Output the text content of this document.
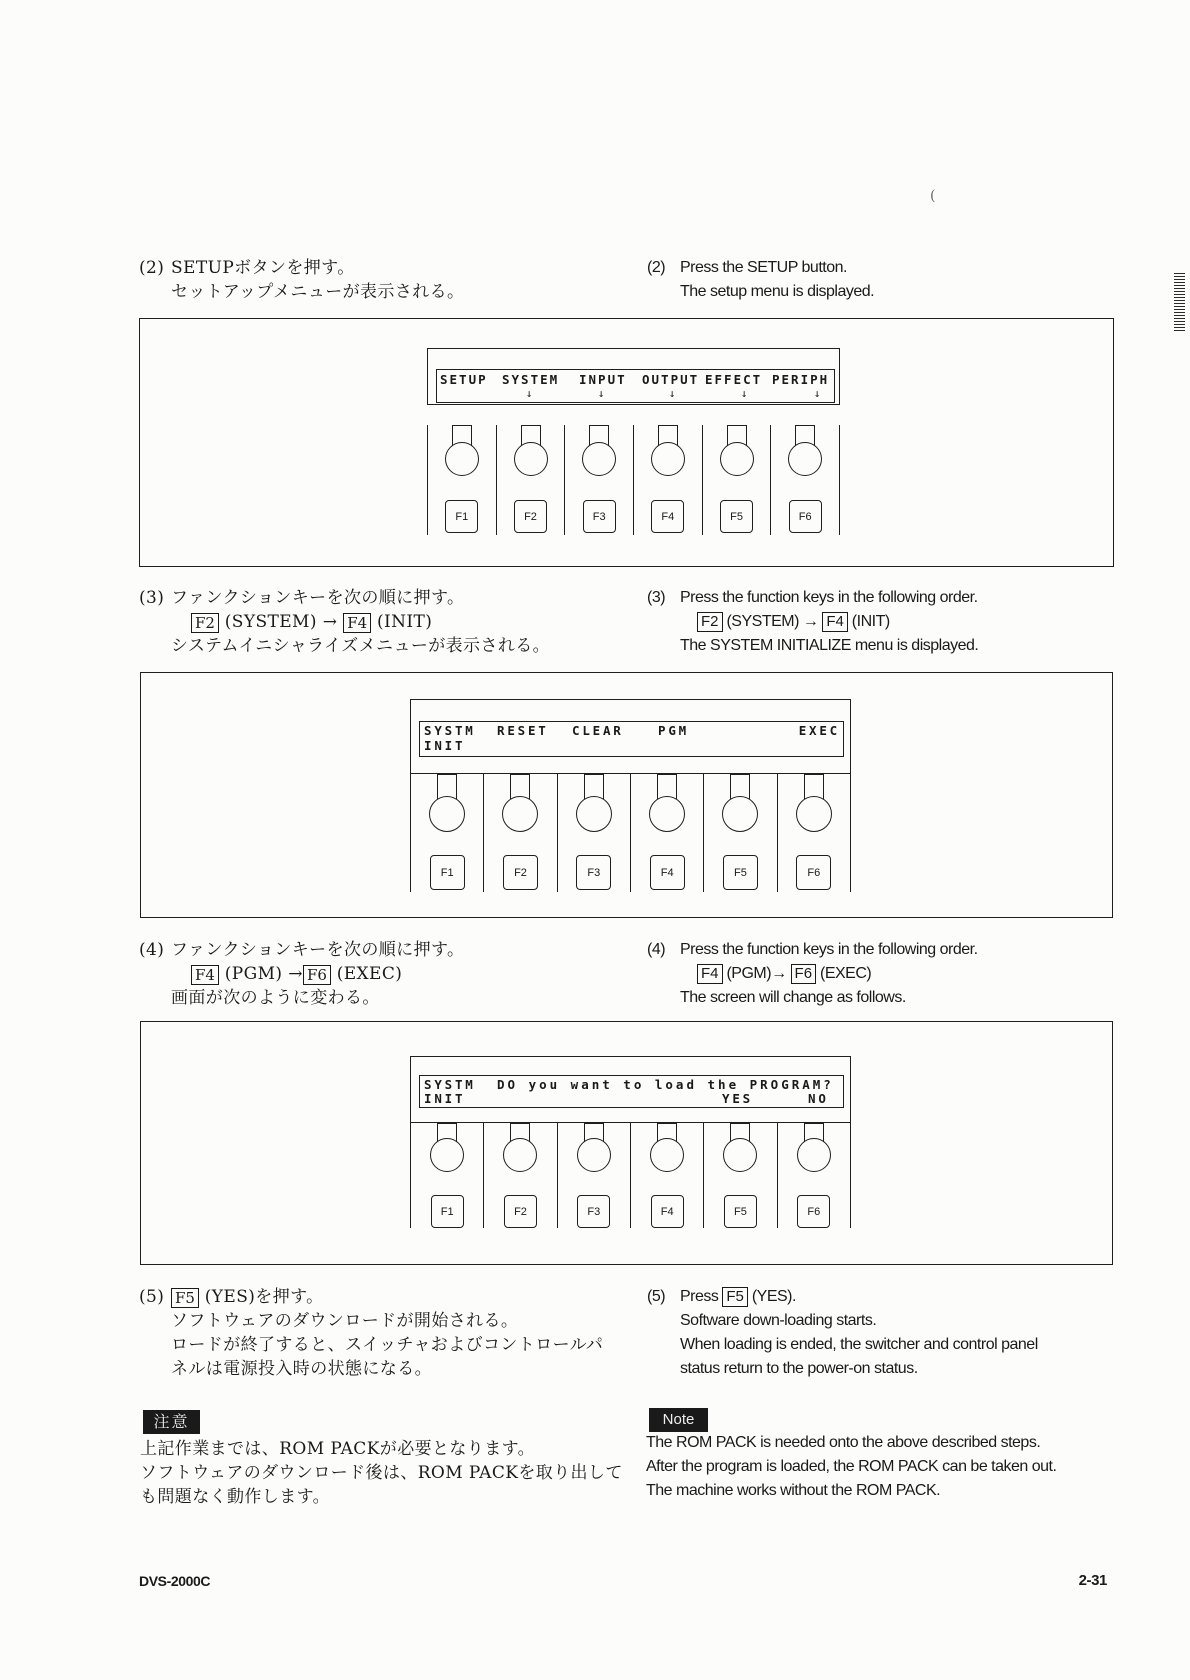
(
(2) SETUPボタンを押す。
セットアップメニューが表示される。
(2) Press the SETUP button.
The setup menu is displayed.
SETUP SYSTEM INPUT OUTPUT EFFECT PERIPH
↓	↓	↓	↓	↓
F1	F2	F3	F4	F5	F6
(3) ファンクションキーを次の順に押す。
F2 (SYSTEM) → F4 (INIT)
システムイニシャライズメニューが表示される。
(3) Press the function keys in the following order.
F2 (SYSTEM) → F4 (INIT)
The SYSTEM INITIALIZE menu is displayed.
SYSTM RESET CLEAR	PGM	EXEC
INIT
F1	F2	F3	F4	F5	F6
(4) ファンクションキーを次の順に押す。
F4 (PGM) → F6 (EXEC)
画面が次のように変わる。
(4) Press the function keys in the following order.
F4 (PGM)→ F6 (EXEC)
The screen will change as follows.
SYSTM DO you want to load the PROGRAM?
INIT	YES	NO
F1	F2	F3	F4	F5	F6
(5) F5 (YES)を押す。
ソフトウェアのダウンロードが開始される。
ロードが終了すると、スイッチャおよびコントロールパ
ネルは電源投入時の状態になる。
(5) Press F5 (YES).
Software down-loading starts.
When loading is ended, the switcher and control panel
status return to the power-on status.
注意
上記作業までは、ROM PACKが必要となります。
ソフトウェアのダウンロード後は、ROM PACKを取り出して
も問題なく動作します。
Note
The ROM PACK is needed onto the above described steps.
After the program is loaded, the ROM PACK can be taken out.
The machine works without the ROM PACK.
DVS-2000C	2-31
